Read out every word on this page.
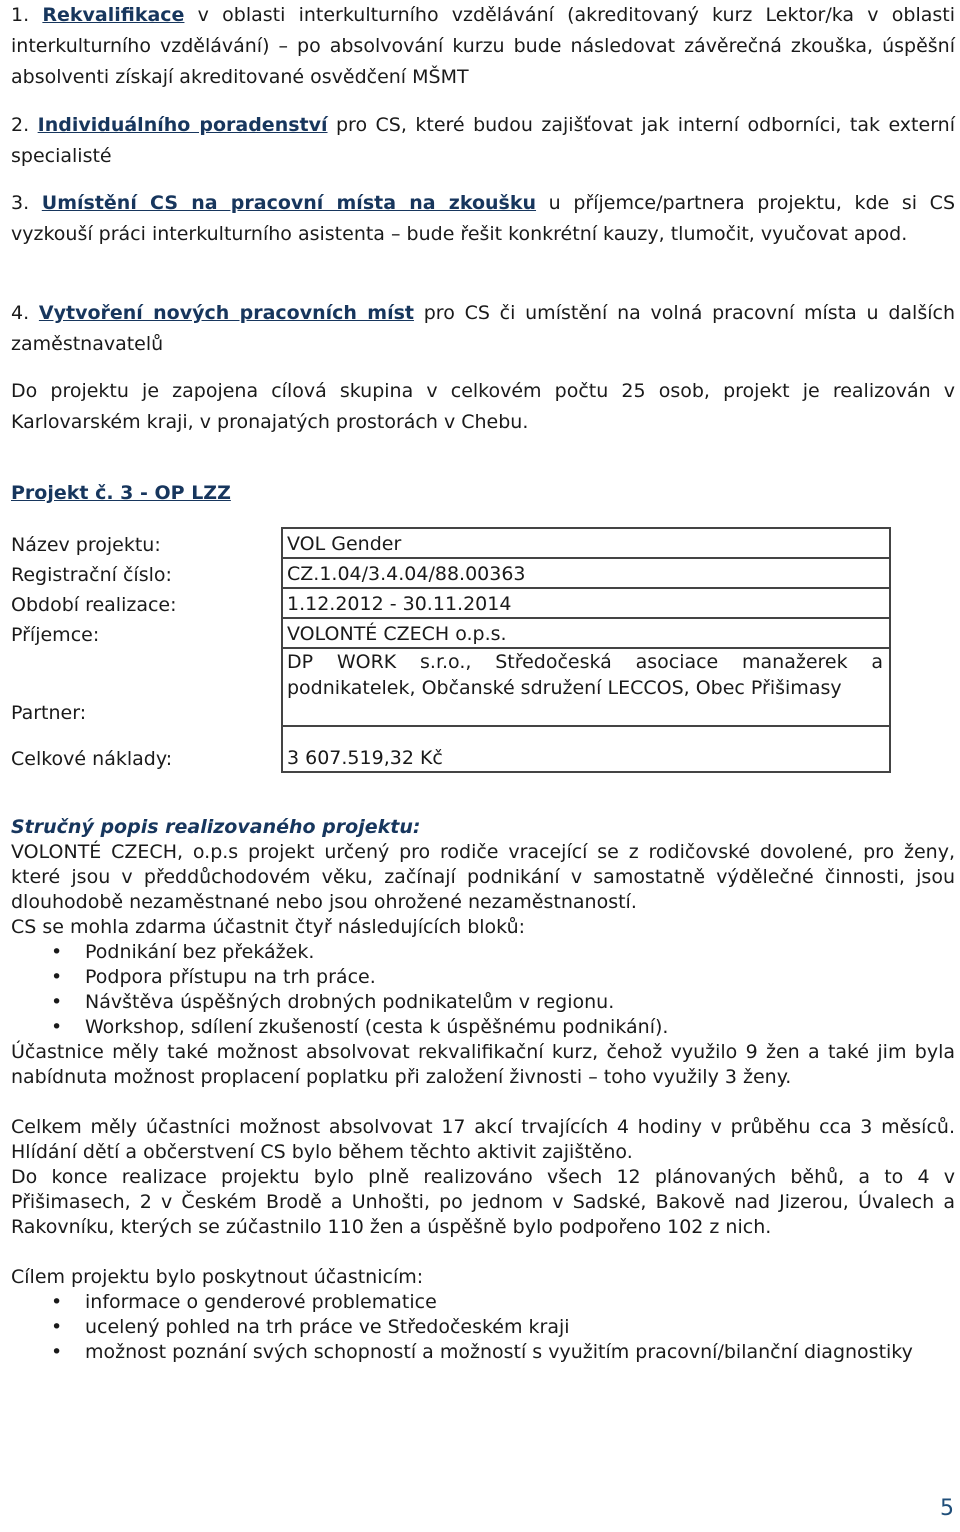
1. Rekvalifikace v oblasti interkulturního vzdělávání (akreditovaný kurz Lektor/ka v oblasti interkulturního vzdělávání) – po absolvování kurzu bude následovat závěrečná zkouška, úspěšní absolventi získají akreditované osvědčení MŠMT

2. Individuálního poradenství pro CS, které budou zajišťovat jak interní odborníci, tak externí specialisté

3. Umístění CS na pracovní místa na zkoušku u příjemce/partnera projektu, kde si CS vyzkouší práci interkulturního asistenta – bude řešit konkrétní kauzy, tlumočit, vyučovat apod.

4. Vytvoření nových pracovních míst pro CS či umístění na volná pracovní místa u dalších zaměstnavatelů

Do projektu je zapojena cílová skupina v celkovém počtu 25 osob, projekt je realizován v Karlovarském kraji, v pronajatých prostorách v Chebu.

Projekt č. 3 - OP LZZ
Název projektu:	VOL Gender
Registrační číslo:	CZ.1.04/3.4.04/88.00363
Období realizace:	1.12.2012 - 30.11.2014
Příjemce:	VOLONTÉ CZECH o.p.s.
Partner:	DP WORK s.r.o., Středočeská asociace manažerek a podnikatelek, Občanské sdružení LECCOS, Obec Přišimasy
Celkové náklady:	3 607.519,32 Kč
Stručný popis realizovaného projektu:

VOLONTÉ CZECH, o.p.s projekt určený pro rodiče vracející se z rodičovské dovolené, pro ženy, které jsou v předdůchodovém věku, začínají podnikání v samostatně výdělečné činnosti, jsou dlouhodobě nezaměstnané nebo jsou ohrožené nezaměstnaností.

CS se mohla zdarma účastnit čtyř následujících bloků:

• Podnikání bez překážek.
• Podpora přístupu na trh práce.
• Návštěva úspěšných drobných podnikatelům v regionu.
• Workshop, sdílení zkušeností (cesta k úspěšnému podnikání).

Účastnice měly také možnost absolvovat rekvalifikační kurz, čehož využilo 9 žen a také jim byla nabídnuta možnost proplacení poplatku při založení živnosti – toho využily 3 ženy.

Celkem měly účastníci možnost absolvovat 17 akcí trvajících 4 hodiny v průběhu cca 3 měsíců. Hlídání dětí a občerstvení CS bylo během těchto aktivit zajištěno.

Do konce realizace projektu bylo plně realizováno všech 12 plánovaných běhů, a to 4 v Přišimasech, 2 v Českém Brodě a Unhošti, po jednom v Sadské, Bakově nad Jizerou, Úvalech a Rakovníku, kterých se zúčastnilo 110 žen a úspěšně bylo podpořeno 102 z nich.

Cílem projektu bylo poskytnout účastnicím:

• informace o genderové problematice
• ucelený pohled na trh práce ve Středočeském kraji
• možnost poznání svých schopností a možností s využitím pracovní/bilanční diagnostiky
5
